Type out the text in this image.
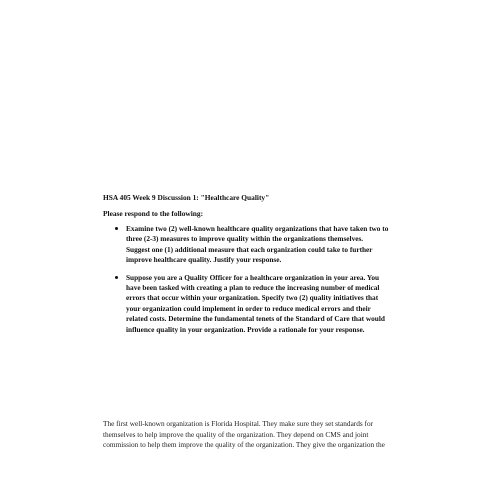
HSA 405 Week 9 Discussion 1: "Healthcare Quality"
Please respond to the following:
Examine two (2) well-known healthcare quality organizations that have taken two to
three (2-3) measures to improve quality within the organizations themselves.
Suggest one (1) additional measure that each organization could take to further
improve healthcare quality. Justify your response.
Suppose you are a Quality Officer for a healthcare organization in your area. You
have been tasked with creating a plan to reduce the increasing number of medical
errors that occur within your organization. Specify two (2) quality initiatives that
your organization could implement in order to reduce medical errors and their
related costs. Determine the fundamental tenets of the Standard of Care that would
influence quality in your organization. Provide a rationale for your response.
The first well-known organization is Florida Hospital. They make sure they set standards for
themselves to help improve the quality of the organization. They depend on CMS and joint
commission to help them improve the quality of the organization. They give the organization the
